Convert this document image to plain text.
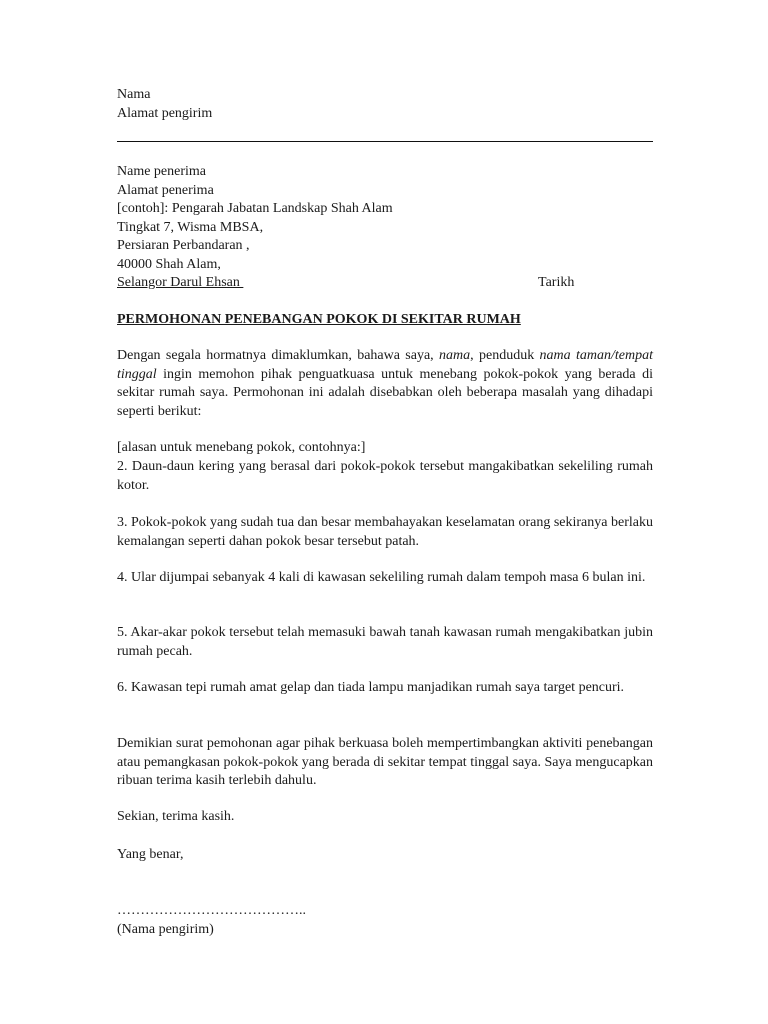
Nama
Alamat pengirim
Name penerima
Alamat penerima
[contoh]: Pengarah Jabatan Landskap Shah Alam
Tingkat 7, Wisma MBSA,
Persiaran Perbandaran ,
40000 Shah Alam,
Selangor Darul Ehsan	Tarikh
PERMOHONAN PENEBANGAN POKOK DI SEKITAR RUMAH
Dengan segala hormatnya dimaklumkan, bahawa saya, nama, penduduk nama taman/tempat tinggal ingin memohon pihak penguatkuasa untuk menebang pokok-pokok yang berada di sekitar rumah saya. Permohonan ini adalah disebabkan oleh beberapa masalah yang dihadapi seperti berikut:
[alasan untuk menebang pokok, contohnya:]
2. Daun-daun kering yang berasal dari pokok-pokok tersebut mangakibatkan sekeliling rumah kotor.
3. Pokok-pokok yang sudah tua dan besar membahayakan keselamatan orang sekiranya berlaku kemalangan seperti dahan pokok besar tersebut patah.
4. Ular dijumpai sebanyak 4 kali di kawasan sekeliling rumah dalam tempoh masa 6 bulan ini.
5. Akar-akar pokok tersebut telah memasuki bawah tanah kawasan rumah mengakibatkan jubin rumah pecah.
6. Kawasan tepi rumah amat gelap dan tiada lampu manjadikan rumah saya target pencuri.
Demikian surat pemohonan agar pihak berkuasa boleh mempertimbangkan aktiviti penebangan atau pemangkasan pokok-pokok yang berada di sekitar tempat tinggal saya. Saya mengucapkan ribuan terima kasih terlebih dahulu.
Sekian, terima kasih.
Yang benar,
…………………………………..
(Nama pengirim)
